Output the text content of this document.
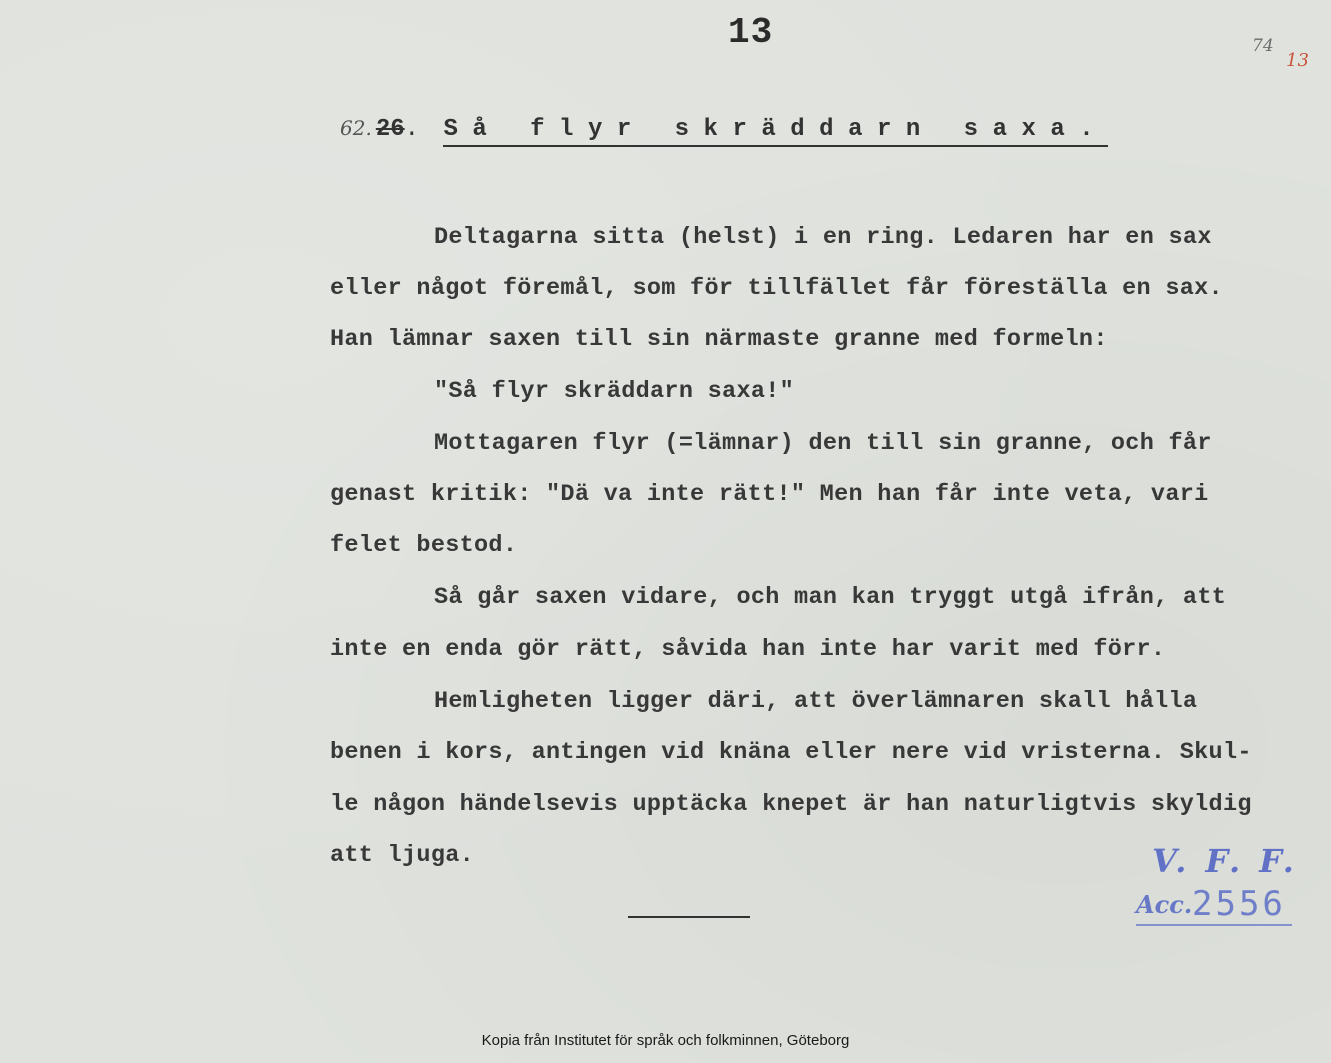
13	74
13
62. 26. Så flyr skräddarn saxa.
Deltagarna sitta (helst) i en ring. Ledaren har en sax
eller något föremål, som för tillfället får föreställa en sax.
Han lämnar saxen till sin närmaste granne med formeln:
"Så flyr skräddarn saxa!"
Mottagaren flyr (=lämnar) den till sin granne, och får
genast kritik: "Dä va inte rätt!" Men han får inte veta, vari
felet bestod.
Så går saxen vidare, och man kan tryggt utgå ifrån, att
inte en enda gör rätt, såvida han inte har varit med förr.
Hemligheten ligger däri, att överlämnaren skall hålla
benen i kors, antingen vid knäna eller nere vid vristerna. Skul-
le någon händelsevis upptäcka knepet är han naturligtvis skyldig
att ljuga.	V. F. F.
Acc. 2556
Kopia från Institutet för språk och folkminnen, Göteborg
